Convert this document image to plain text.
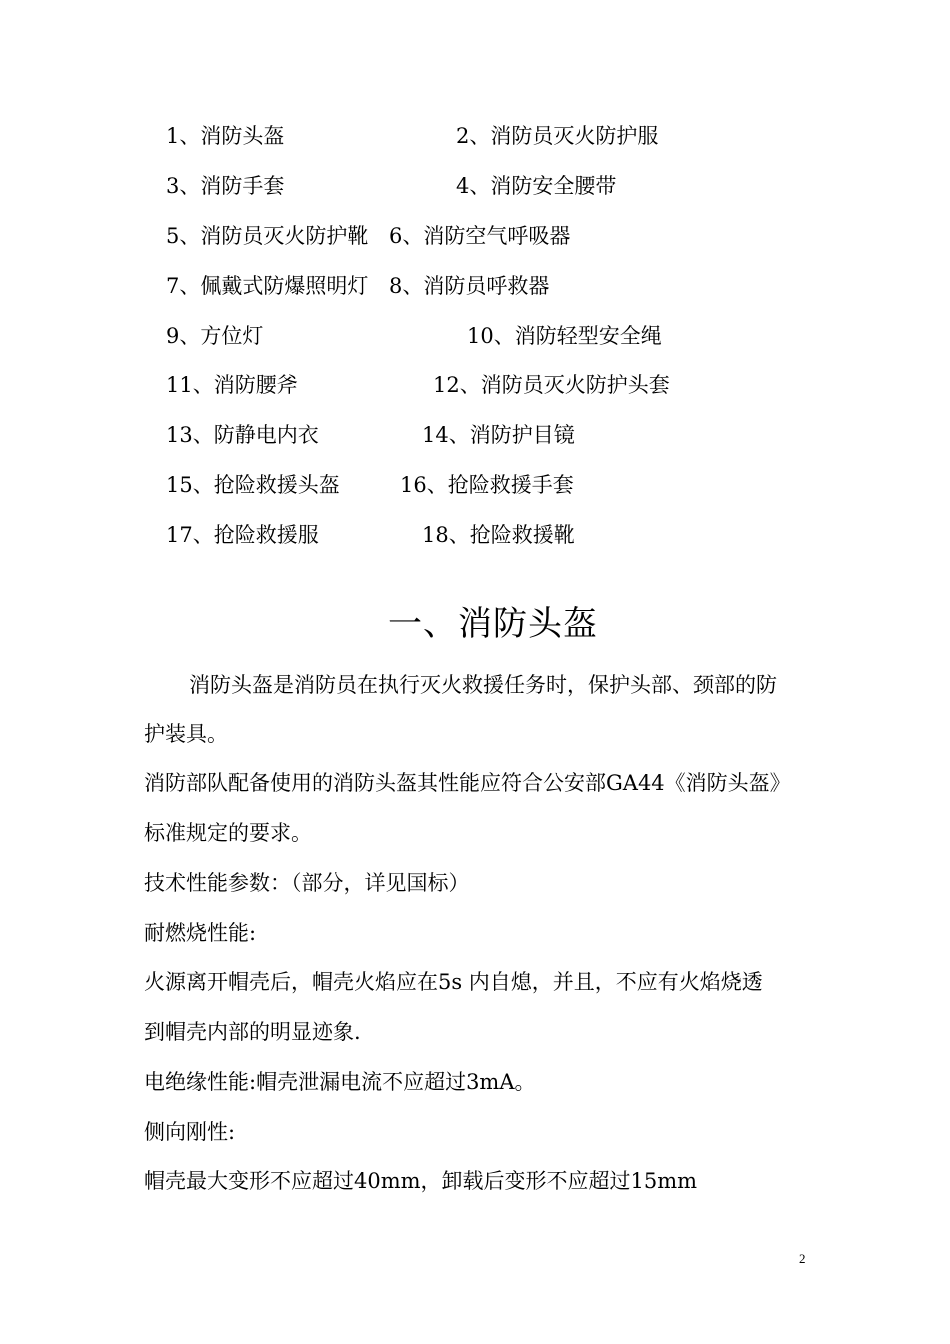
1、消防头盔	2、消防员灭火防护服
3、消防手套	4、消防安全腰带
5、消防员灭火防护靴 6、消防空气呼吸器
7、佩戴式防爆照明灯 8、消防员呼救器
9、方位灯	10、消防轻型安全绳
11、消防腰斧	12、消防员灭火防护头套
13、防静电内衣	14、消防护目镜
15、抢险救援头盔	16、抢险救援手套
17、抢险救援服	18、抢险救援靴
一、消防头盔
消防头盔是消防员在执行灭火救援任务时，保护头部、颈部的防
护装具。
消防部队配备使用的消防头盔其性能应符合公安部GA44《消防头盔》
标准规定的要求。
技术性能参数：（部分，详见国标）
耐燃烧性能:
火源离开帽壳后，帽壳火焰应在5s 内自熄，并且，不应有火焰烧透
到帽壳内部的明显迹象.
电绝缘性能:帽壳泄漏电流不应超过3mA。
侧向刚性:
帽壳最大变形不应超过40mm，卸载后变形不应超过15mm
2
